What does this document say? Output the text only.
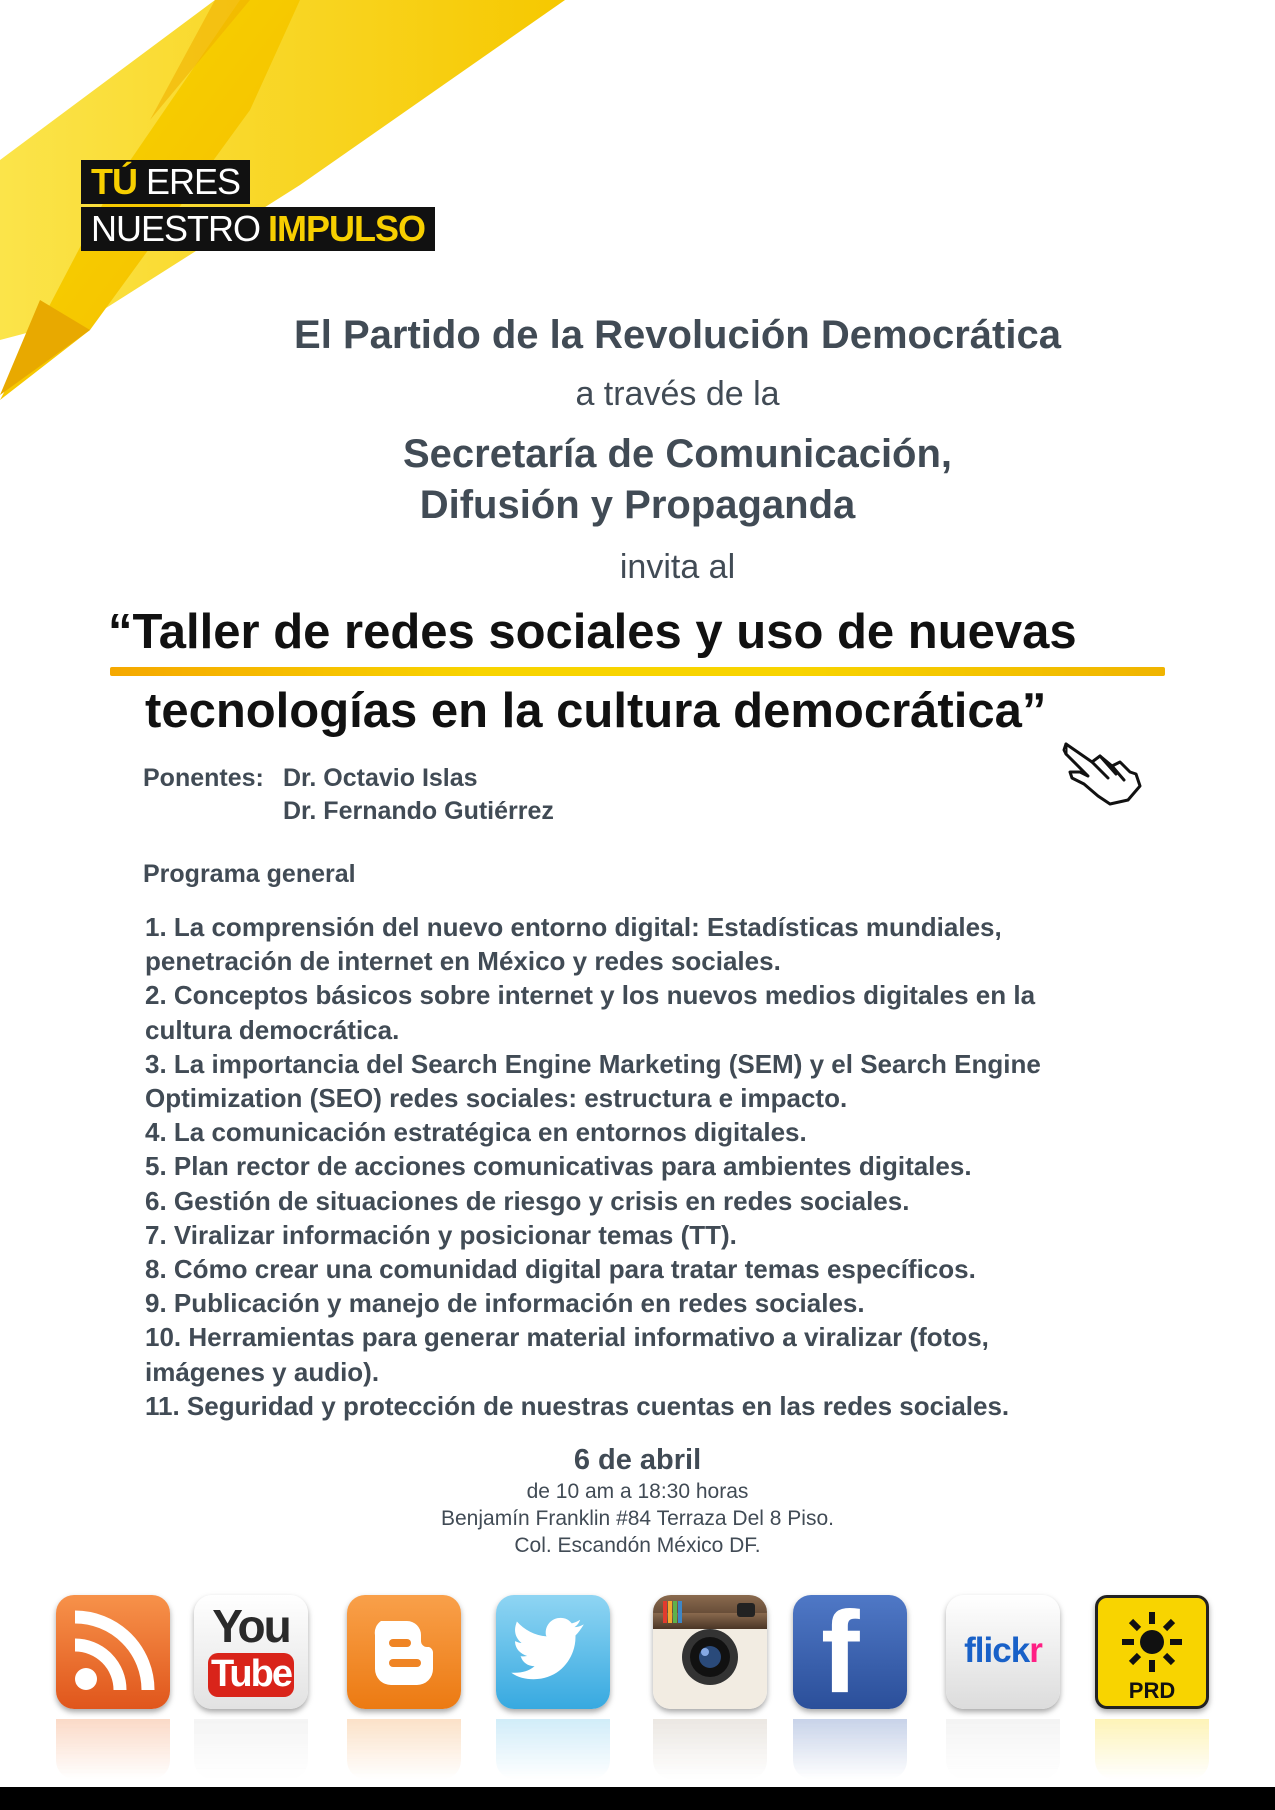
TÚ ERES
NUESTRO IMPULSO
El Partido de la Revolución Democrática
a través de la
Secretaría de Comunicación,
Difusión y Propaganda
invita al
“Taller de redes sociales y uso de nuevas
tecnologías en la cultura democrática”
Ponentes: Dr. Octavio Islas
Dr. Fernando Gutiérrez
Programa general
1. La comprensión del nuevo entorno digital: Estadísticas mundiales,
penetración de internet en México y redes sociales.
2. Conceptos básicos sobre internet y los nuevos medios digitales en la
cultura democrática.
3. La importancia del Search Engine Marketing (SEM) y el Search Engine
Optimization (SEO) redes sociales: estructura e impacto.
4. La comunicación estratégica en entornos digitales.
5. Plan rector de acciones comunicativas para ambientes digitales.
6. Gestión de situaciones de riesgo y crisis en redes sociales.
7. Viralizar información y posicionar temas (TT).
8. Cómo crear una comunidad digital para tratar temas específicos.
9. Publicación y manejo de información en redes sociales.
10. Herramientas para generar material informativo a viralizar (fotos,
imágenes y audio).
11. Seguridad y protección de nuestras cuentas en las redes sociales.
6 de abril
de 10 am a 18:30 horas
Benjamín Franklin #84 Terraza Del 8 Piso.
Col. Escandón México DF.
You
Tube	f	flickr
PRD
